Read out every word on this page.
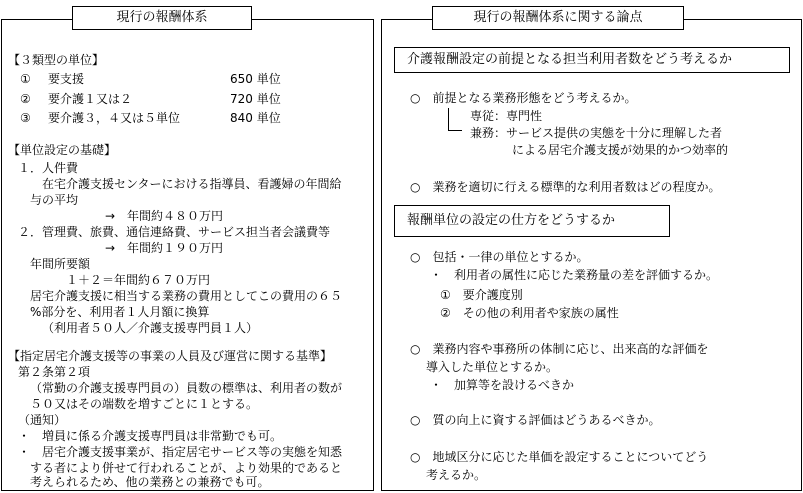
現行の報酬体系
【３類型の単位】
① 要支援	650 単位
② 要介護１又は２	720 単位
③ 要介護３，４又は５単位	840 単位
【単位設定の基礎】
１．人件費
在宅介護支援センターにおける指導員、看護婦の年間給
与の平均
→　年間約４８０万円
２．管理費、旅費、通信連絡費、サービス担当者会議費等
→　年間約１９０万円
年間所要額
１＋２＝年間約６７０万円
居宅介護支援に相当する業務の費用としてこの費用の６５
%部分を、利用者１人月額に換算
（利用者５０人／介護支援専門員１人）
【指定居宅介護支援等の事業の人員及び運営に関する基準】
第２条第２項
（常勤の介護支援専門員の）員数の標準は、利用者の数が
５０又はその端数を増すごとに１とする。
（通知）
・　増員に係る介護支援専門員は非常勤でも可。
・　居宅介護支援事業が、指定居宅サービス等の実態を知悉
する者により併せて行われることが、より効果的であると
考えられるため、他の業務との兼務でも可。
現行の報酬体系に関する論点
介護報酬設定の前提となる担当利用者数をどう考えるか
○　前提となる業務形態をどう考えるか。
専従：専門性
兼務：サービス提供の実態を十分に理解した者
による居宅介護支援が効果的かつ効率的
○　業務を適切に行える標準的な利用者数はどの程度か。
報酬単位の設定の仕方をどうするか
○　包括・一律の単位とするか。
・　利用者の属性に応じた業務量の差を評価するか。
①　要介護度別
②　その他の利用者や家族の属性
○　業務内容や事務所の体制に応じ、出来高的な評価を
導入した単位とするか。
・　加算等を設けるべきか
○　質の向上に資する評価はどうあるべきか。
○　地域区分に応じた単価を設定することについてどう
考えるか。
